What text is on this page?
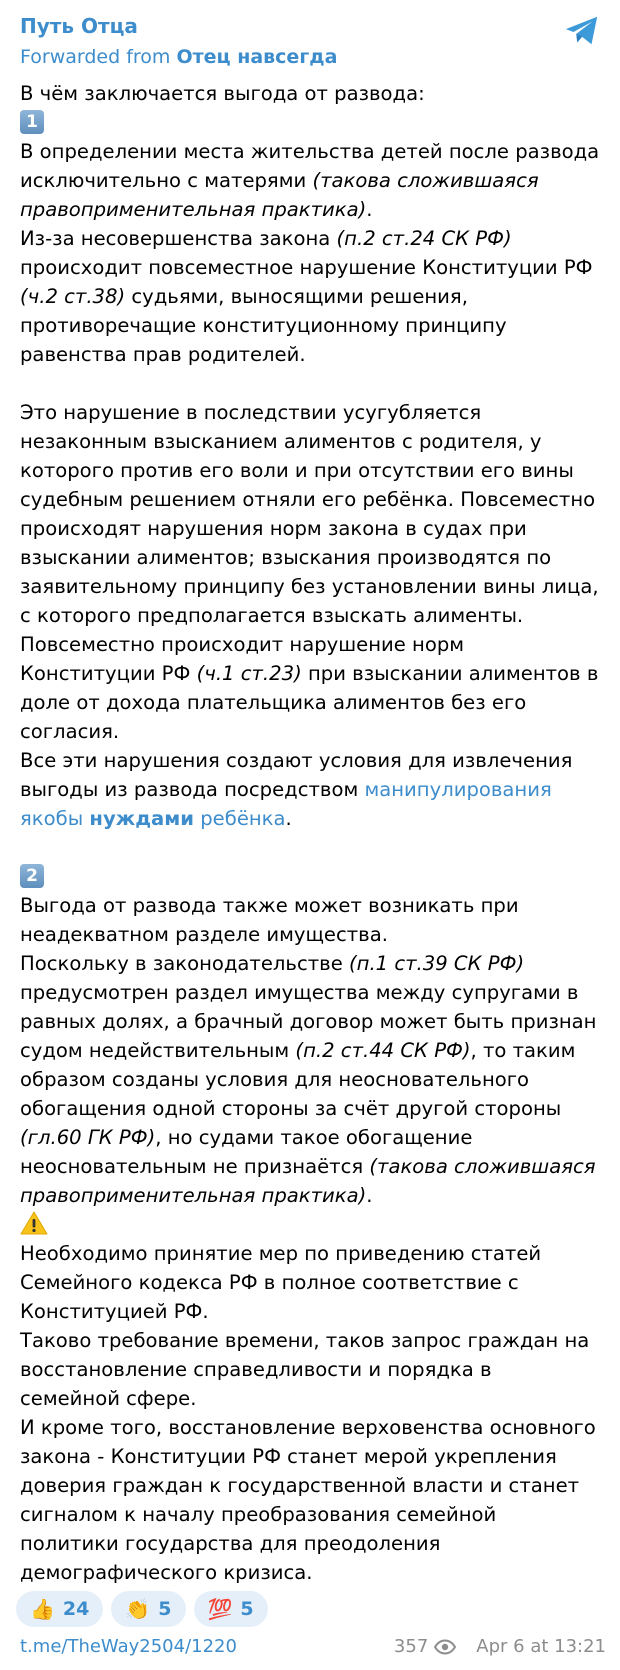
Путь Отца
Forwarded from Отец навсегда
В чём заключается выгода от развода:
1
В определении места жительства детей после развода
исключительно с матерями (такова сложившаяся
правоприменительная практика).
Из-за несовершенства закона (п.2 ст.24 СК РФ)
происходит повсеместное нарушение Конституции РФ
(ч.2 ст.38) судьями, выносящими решения,
противоречащие конституционному принципу
равенства прав родителей.
Это нарушение в последствии усугубляется
незаконным взысканием алиментов с родителя, у
которого против его воли и при отсутствии его вины
судебным решением отняли его ребёнка. Повсеместно
происходят нарушения норм закона в судах при
взыскании алиментов; взыскания производятся по
заявительному принципу без установлении вины лица,
с которого предполагается взыскать алименты.
Повсеместно происходит нарушение норм
Конституции РФ (ч.1 ст.23) при взыскании алиментов в
доле от дохода плательщика алиментов без его
согласия.
Все эти нарушения создают условия для извлечения
выгоды из развода посредством манипулирования
якобы нуждами ребёнка.
2
Выгода от развода также может возникать при
неадекватном разделе имущества.
Поскольку в законодательстве (п.1 ст.39 СК РФ)
предусмотрен раздел имущества между супругами в
равных долях, а брачный договор может быть признан
судом недействительным (п.2 ст.44 СК РФ), то таким
образом созданы условия для неосновательного
обогащения одной стороны за счёт другой стороны
(гл.60 ГК РФ), но судами такое обогащение
неосновательным не признаётся (такова сложившаяся
правоприменительная практика).
Необходимо принятие мер по приведению статей
Семейного кодекса РФ в полное соответствие с
Конституцией РФ.
Таково требование времени, таков запрос граждан на
восстановление справедливости и порядка в
семейной сфере.
И кроме того, восстановление верховенства основного
закона - Конституции РФ станет мерой укрепления
доверия граждан к государственной власти и станет
сигналом к началу преобразования семейной
политики государства для преодоления
демографического кризиса.
👍 24 👏 5 💯 5
t.me/TheWay2504/1220	357	Apr 6 at 13:21
